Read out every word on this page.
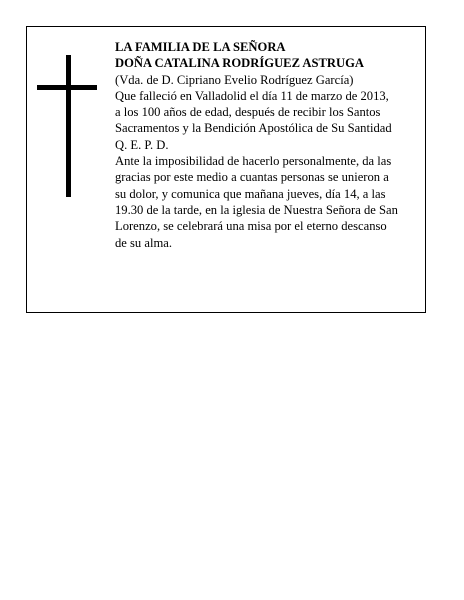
LA FAMILIA DE LA SEÑORA
DOÑA CATALINA RODRÍGUEZ ASTRUGA
(Vda. de D. Cipriano Evelio Rodríguez García)
Que falleció en Valladolid el día 11 de marzo de 2013,
a los 100 años de edad, después de recibir los Santos
Sacramentos y la Bendición Apostólica de Su Santidad
Q. E. P. D.
Ante la imposibilidad de hacerlo personalmente, da las
gracias por este medio a cuantas personas se unieron a
su dolor, y comunica que mañana jueves, día 14, a las
19.30 de la tarde, en la iglesia de Nuestra Señora de San
Lorenzo, se celebrará una misa por el eterno descanso
de su alma.
